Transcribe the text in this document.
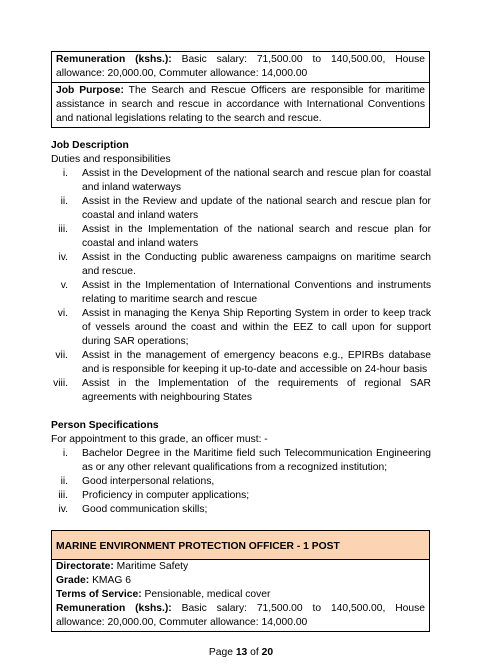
Remuneration (kshs.): Basic salary: 71,500.00 to 140,500.00, House allowance: 20,000.00, Commuter allowance: 14,000.00
Job Purpose: The Search and Rescue Officers are responsible for maritime assistance in search and rescue in accordance with International Conventions and national legislations relating to the search and rescue.
Job Description
Duties and responsibilities
i. Assist in the Development of the national search and rescue plan for coastal and inland waterways
ii. Assist in the Review and update of the national search and rescue plan for coastal and inland waters
iii. Assist in the Implementation of the national search and rescue plan for coastal and inland waters
iv. Assist in the Conducting public awareness campaigns on maritime search and rescue.
v. Assist in the Implementation of International Conventions and instruments relating to maritime search and rescue
vi. Assist in managing the Kenya Ship Reporting System in order to keep track of vessels around the coast and within the EEZ to call upon for support during SAR operations;
vii. Assist in the management of emergency beacons e.g., EPIRBs database and is responsible for keeping it up-to-date and accessible on 24-hour basis
viii. Assist in the Implementation of the requirements of regional SAR agreements with neighbouring States
Person Specifications
For appointment to this grade, an officer must: -
i. Bachelor Degree in the Maritime field such Telecommunication Engineering as or any other relevant qualifications from a recognized institution;
ii. Good interpersonal relations,
iii. Proficiency in computer applications;
iv. Good communication skills;
MARINE ENVIRONMENT PROTECTION OFFICER - 1 POST
Directorate: Maritime Safety
Grade: KMAG 6
Terms of Service: Pensionable, medical cover
Remuneration (kshs.): Basic salary: 71,500.00 to 140,500.00, House allowance: 20,000.00, Commuter allowance: 14,000.00
Page 13 of 20
